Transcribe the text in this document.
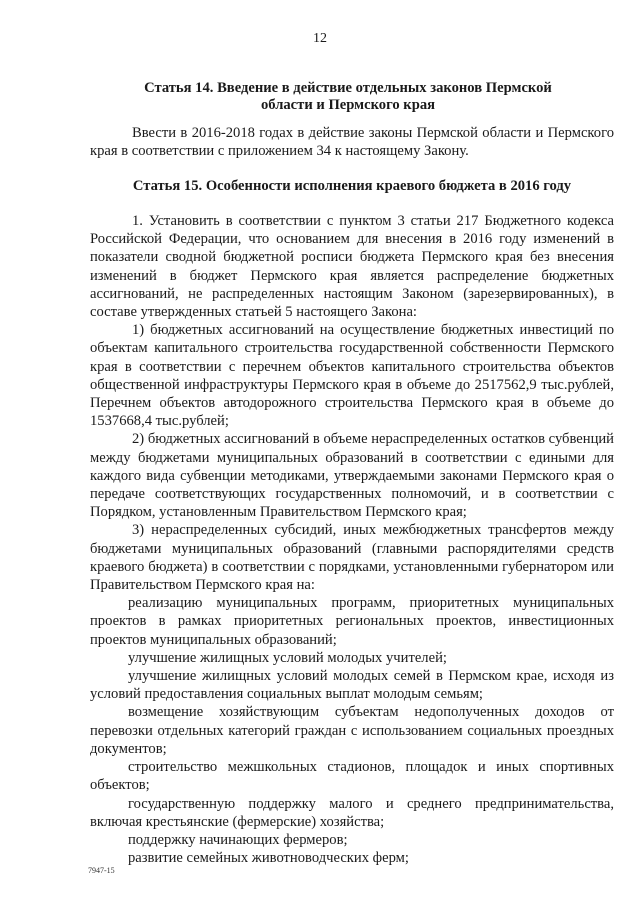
12
Статья 14. Введение в действие отдельных законов Пермской
области и Пермского края

Ввести в 2016-2018 годах в действие законы Пермской области и Пермского края в соответствии с приложением 34 к настоящему Закону.

Статья 15. Особенности исполнения краевого бюджета в 2016 году

1. Установить в соответствии с пунктом 3 статьи 217 Бюджетного кодекса Российской Федерации, что основанием для внесения в 2016 году изменений в показатели сводной бюджетной росписи бюджета Пермского края без внесения изменений в бюджет Пермского края является распределение бюджетных ассигнований, не распределенных настоящим Законом (зарезервированных), в составе утвержденных статьей 5 настоящего Закона:

1) бюджетных ассигнований на осуществление бюджетных инвестиций по объектам капитального строительства государственной собственности Пермского края в соответствии с перечнем объектов капитального строительства объектов общественной инфраструктуры Пермского края в объеме до 2517562,9 тыс.рублей, Перечнем объектов автодорожного строительства Пермского края в объеме до 1537668,4 тыс.рублей;

2) бюджетных ассигнований в объеме нераспределенных остатков субвенций между бюджетами муниципальных образований в соответствии с едиными для каждого вида субвенции методиками, утверждаемыми законами Пермского края о передаче соответствующих государственных полномочий, и в соответствии с Порядком, установленным Правительством Пермского края;

3) нераспределенных субсидий, иных межбюджетных трансфертов между бюджетами муниципальных образований (главными распорядителями средств краевого бюджета) в соответствии с порядками, установленными губернатором или Правительством Пермского края на:

реализацию муниципальных программ, приоритетных муниципальных проектов в рамках приоритетных региональных проектов, инвестиционных проектов муниципальных образований;

улучшение жилищных условий молодых учителей;

улучшение жилищных условий молодых семей в Пермском крае, исходя из условий предоставления социальных выплат молодым семьям;

возмещение хозяйствующим субъектам недополученных доходов от перевозки отдельных категорий граждан с использованием социальных проездных документов;

строительство межшкольных стадионов, площадок и иных спортивных объектов;

государственную поддержку малого и среднего предпринимательства, включая крестьянские (фермерские) хозяйства;

поддержку начинающих фермеров;

развитие семейных животноводческих ферм;

7947-15
